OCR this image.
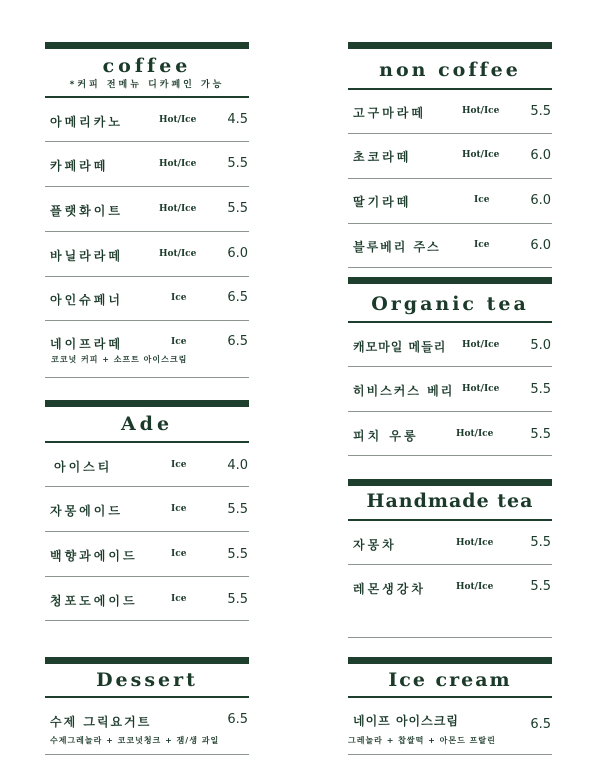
coffee
*커피 전메뉴 디카페인 가능
아메리카노	Hot/Ice 4.5
카페라떼	Hot/Ice 5.5
플랫화이트	Hot/Ice 5.5
바닐라라떼	Hot/Ice 6.0
아인슈페너	Ice	6.5
네이프라떼	Ice	6.5
코코넛 커피 + 소프트 아이스크림
Ade
아이스티	Ice	4.0
자몽에이드	Ice	5.5
백향과에이드	Ice	5.5
청포도에이드	Ice	5.5
Dessert
수제 그릭요거트	6.5
수제그레놀라 + 코코넛청크 + 잼/생 과일
non coffee
고구마라떼	Hot/Ice 5.5
초코라떼	Hot/Ice 6.0
딸기라떼	Ice	6.0
블루베리 주스	Ice	6.0
Organic tea
캐모마일 메들리 Hot/Ice 5.0
히비스커스 베리 Hot/Ice 5.5
피치 우롱	Hot/Ice	5.5
Handmade tea
자몽차	Hot/Ice	5.5
레몬생강차	Hot/Ice	5.5
Ice cream
네이프 아이스크림	6.5
그레놀라 + 찹쌀떡 + 아몬드 프랄린
